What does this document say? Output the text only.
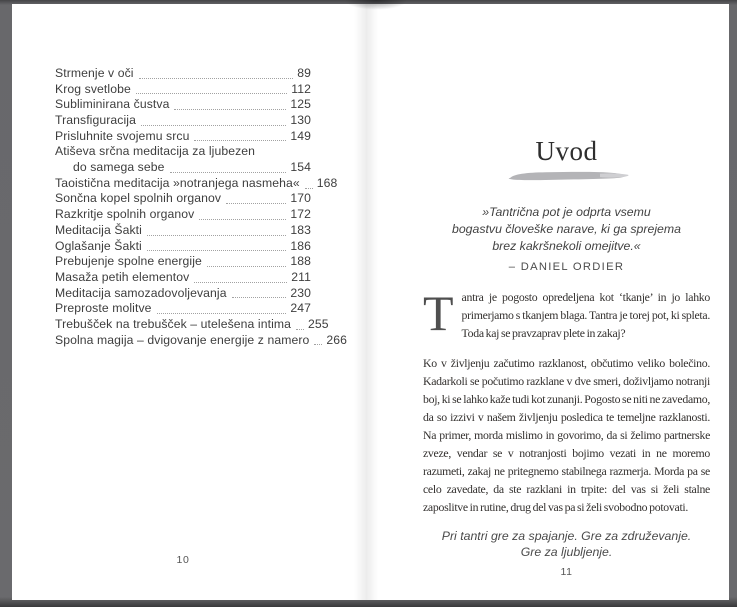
Strmenje v oči	89
Krog svetlobe	112
Subliminirana čustva	125
Transfiguracija	130
Prisluhnite svojemu srcu	149
Atiševa srčna meditacija za ljubezen
do samega sebe	154
Taoistična meditacija »notranjega nasmeha« 168
Sončna kopel spolnih organov	170
Razkritje spolnih organov	172
Meditacija Šakti	183
Oglašanje Šakti	186
Prebujenje spolne energije	188
Masaža petih elementov	211
Meditacija samozadovoljevanja	230
Preproste molitve	247
Trebušček na trebušček – utelešena intima 255
Spolna magija – dvigovanje energije z namero 266
10
Uvod
»Tantrična pot je odprta vsemu
bogastvu človeške narave, ki ga sprejema
brez kakršnekoli omejitve.«
– DANIEL ORDIER

T antra je pogosto opredeljena kot ‘tkanje’ in jo lahko primerjamo s tkanjem blaga. Tantra je torej pot, ki spleta. Toda kaj se pravzaprav plete in zakaj?

Ko v življenju začutimo razklanost, občutimo veliko bolečino. Kadarkoli se počutimo razklane v dve smeri, doživljamo notranji boj, ki se lahko kaže tudi kot zunanji. Pogosto se niti ne zavedamo, da so izzivi v našem življenju posledica te temeljne razklanosti. Na primer, morda mislimo in govorimo, da si želimo partnerske zveze, vendar se v notranjosti bojimo vezati in ne moremo razumeti, zakaj ne pritegnemo stabilnega razmerja. Morda pa se celo zavedate, da ste razklani in trpite: del vas si želi stalne zaposlitve in rutine, drug del vas pa si želi svobodno potovati.

Pri tantri gre za spajanje. Gre za združevanje.
Gre za ljubljenje.
11
